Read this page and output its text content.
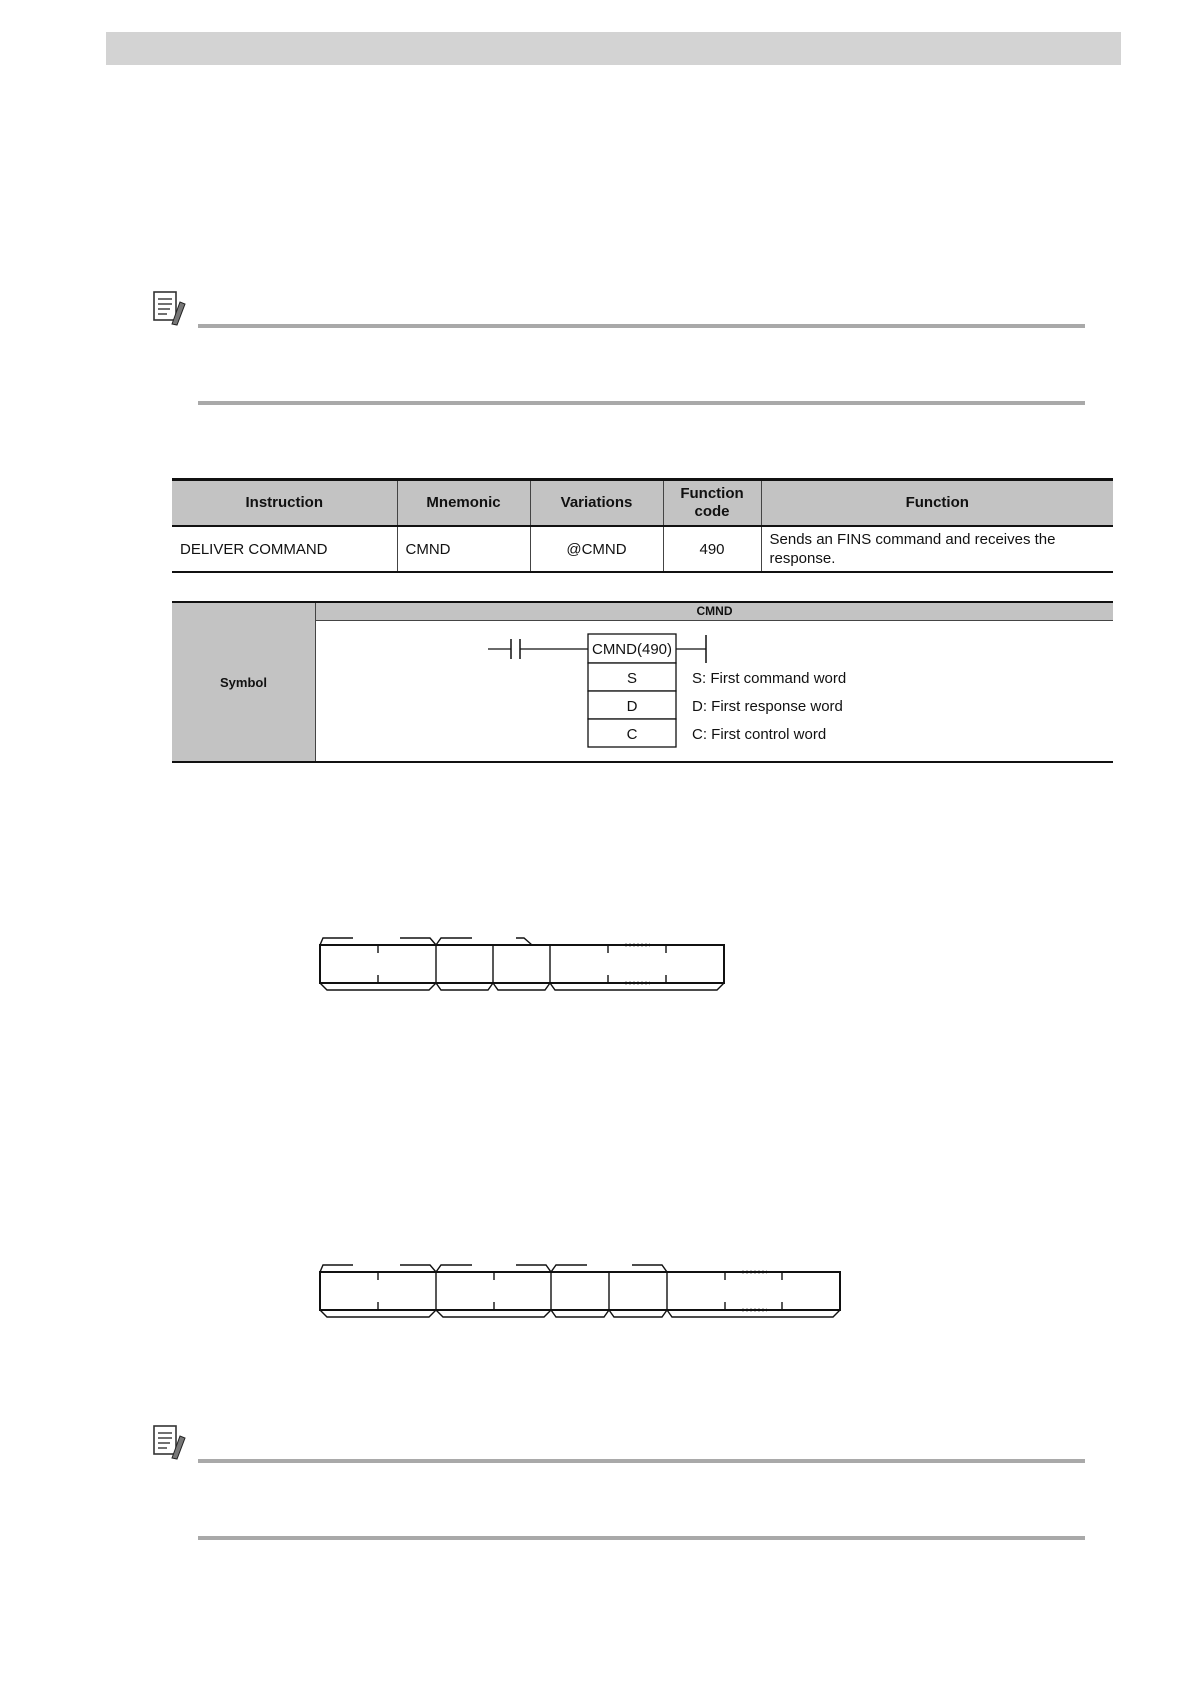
Instruction	Mnemonic	Variations	Function code	Function
DELIVER COMMAND	CMND	@CMND	490	Sends an FINS command and receives the response.
Symbol
CMND
CMND(490)
S
D
C
S: First command word
D: First response word
C: First control word
